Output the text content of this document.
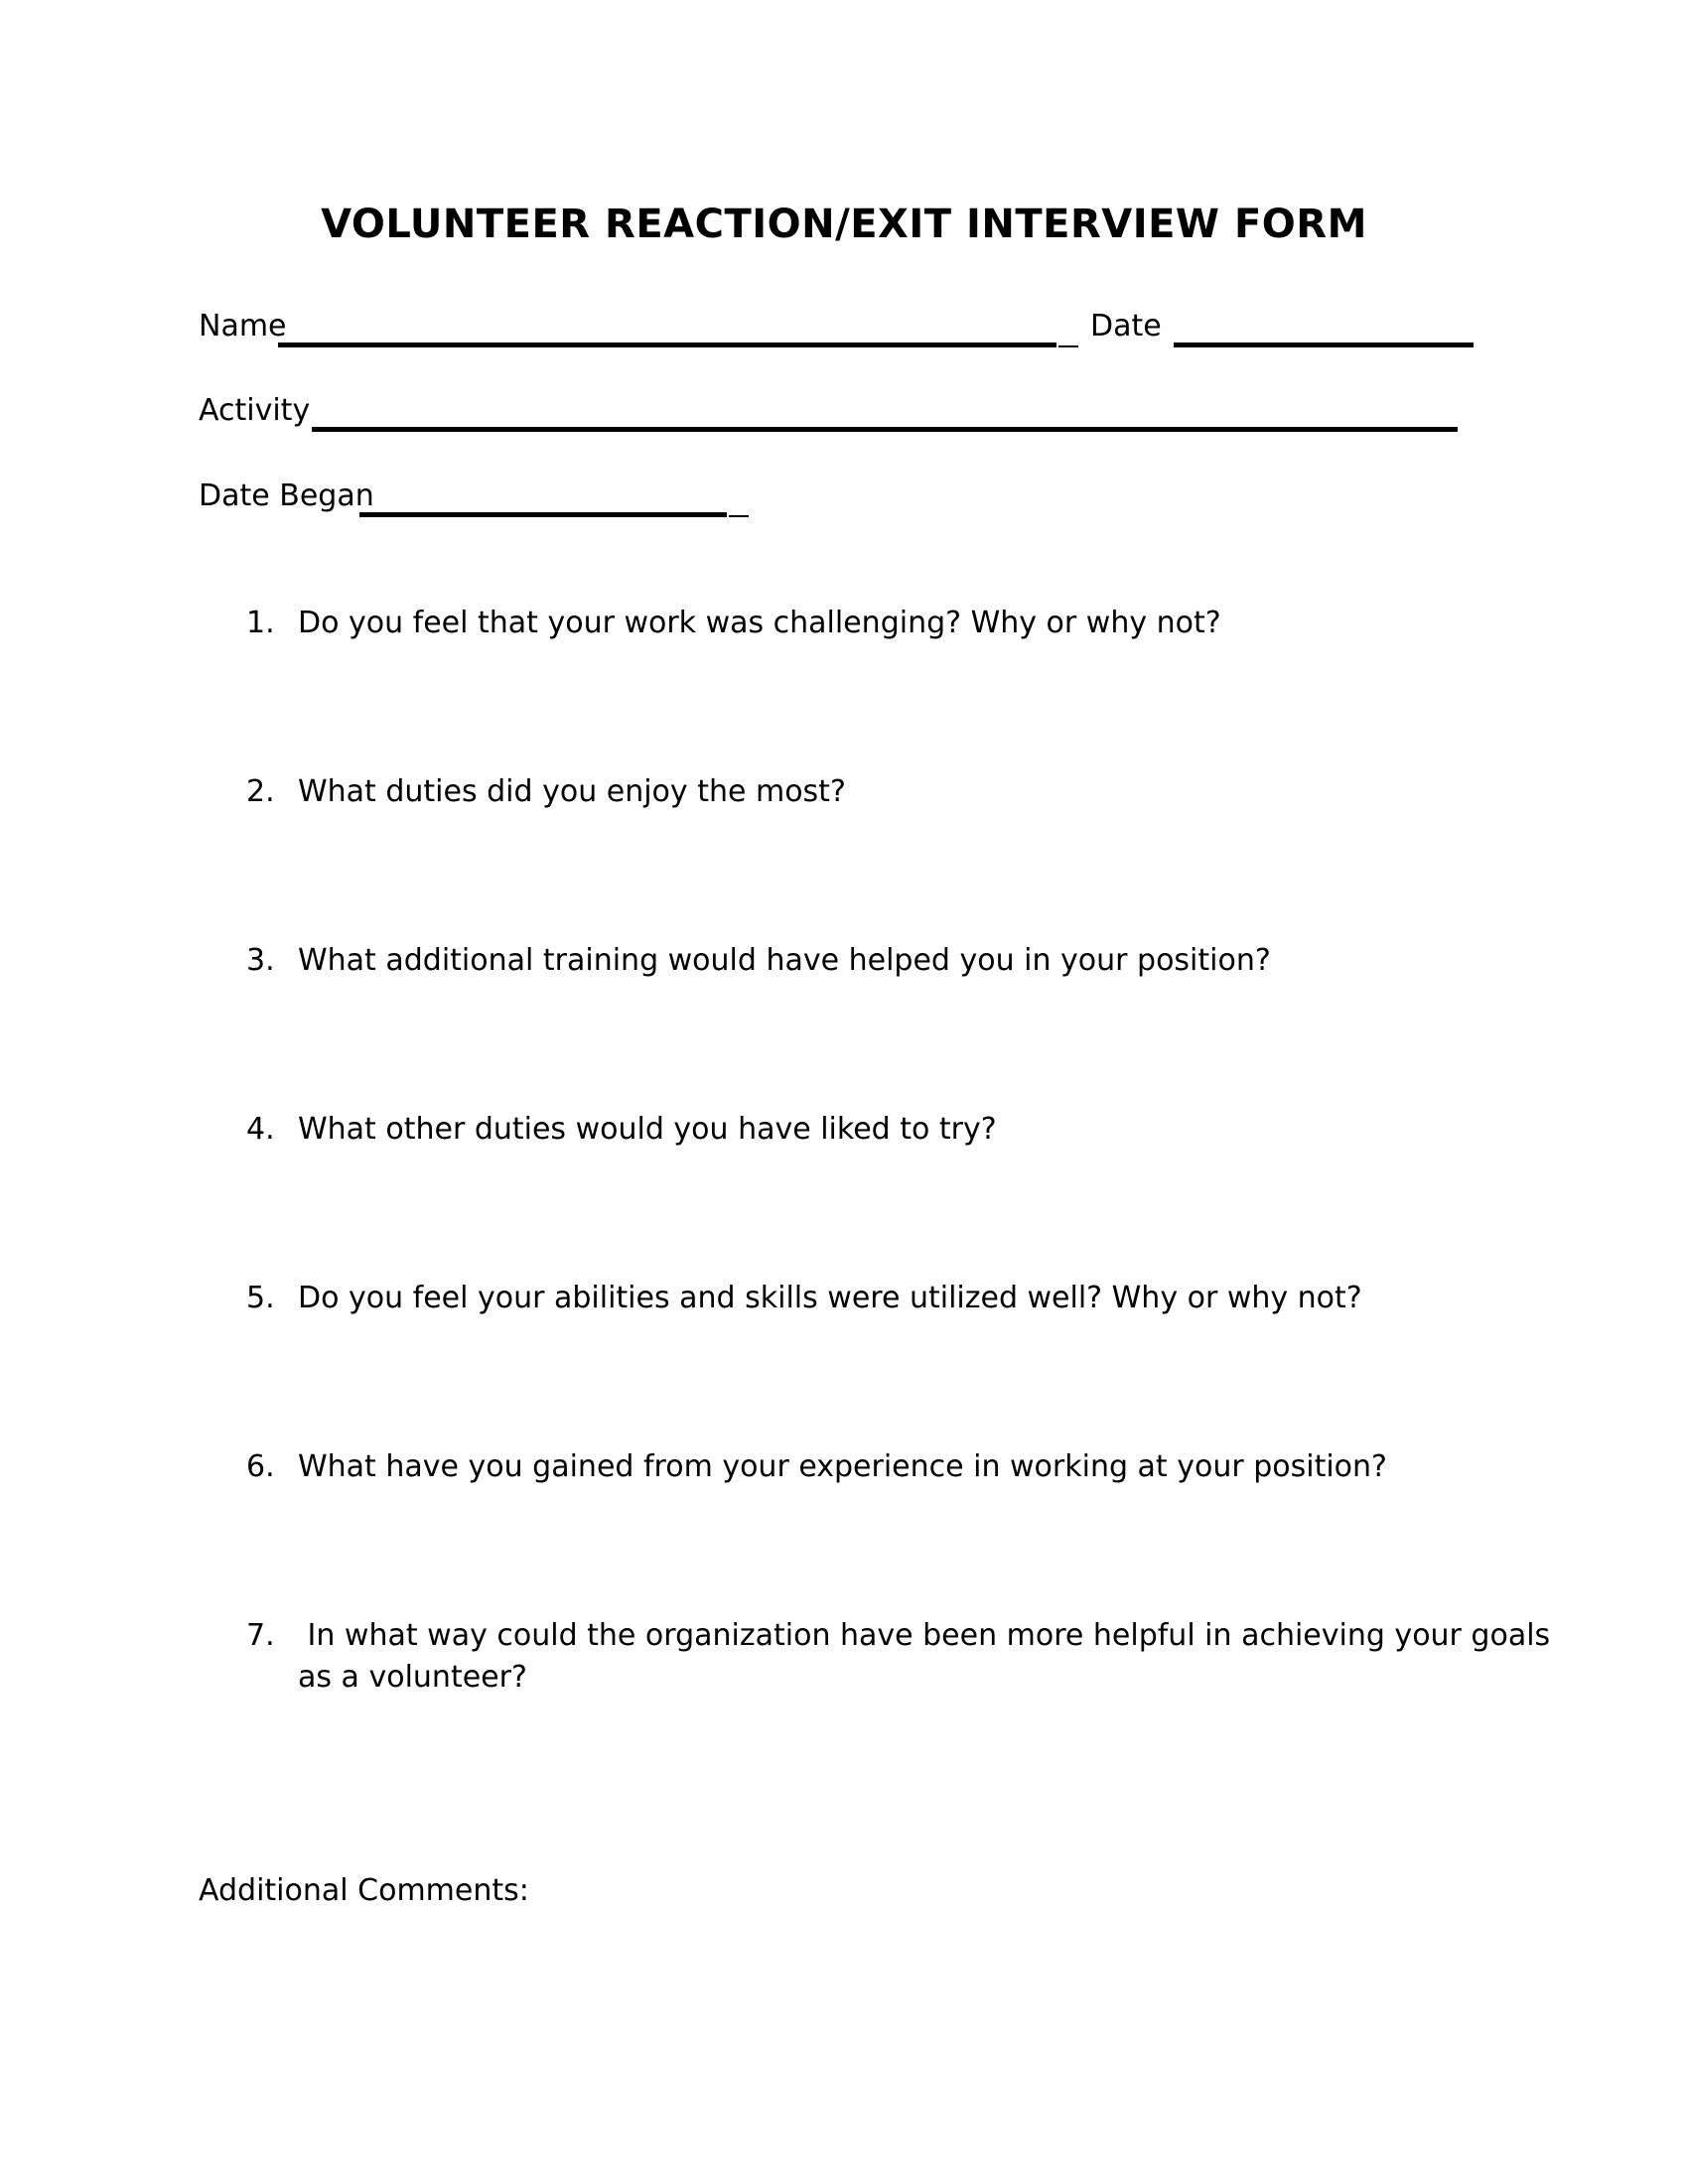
VOLUNTEER REACTION/EXIT INTERVIEW FORM
Name	Date
Activity
Date Began
1. Do you feel that your work was challenging? Why or why not?
2. What duties did you enjoy the most?
3. What additional training would have helped you in your position?
4. What other duties would you have liked to try?
5. Do you feel your abilities and skills were utilized well? Why or why not?
6. What have you gained from your experience in working at your position?
7. In what way could the organization have been more helpful in achieving your goals
as a volunteer?
Additional Comments:
